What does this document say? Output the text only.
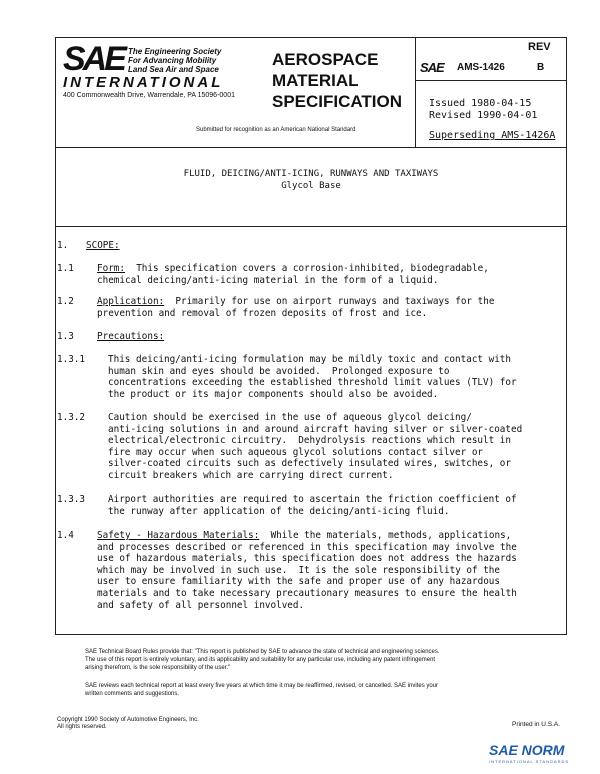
SAE The Engineering Society
For Advancing Mobility
Land Sea Air and Space
INTERNATIONAL
400 Commonwealth Drive, Warrendale, PA 15096-0001
AEROSPACE
MATERIAL
SPECIFICATION
Submitted for recognition as an American National Standard
REV
SAE AMS-1426	B
Issued 1980-04-15
Revised 1990-04-01
Superseding AMS-1426A
FLUID, DEICING/ANTI-ICING, RUNWAYS AND TAXIWAYS
Glycol Base
1. SCOPE:
1.1 Form: This specification covers a corrosion-inhibited, biodegradable,
chemical deicing/anti-icing material in the form of a liquid.
1.2 Application: Primarily for use on airport runways and taxiways for the
prevention and removal of frozen deposits of frost and ice.
1.3 Precautions:
1.3.1 This deicing/anti-icing formulation may be mildly toxic and contact with
human skin and eyes should be avoided.  Prolonged exposure to
concentrations exceeding the established threshold limit values (TLV) for
the product or its major components should also be avoided.
1.3.2 Caution should be exercised in the use of aqueous glycol deicing/
anti-icing solutions in and around aircraft having silver or silver-coated
electrical/electronic circuitry.  Dehydrolysis reactions which result in
fire may occur when such aqueous glycol solutions contact silver or
silver-coated circuits such as defectively insulated wires, switches, or
circuit breakers which are carrying direct current.
1.3.3 Airport authorities are required to ascertain the friction coefficient of
the runway after application of the deicing/anti-icing fluid.
1.4 Safety - Hazardous Materials: While the materials, methods, applications,
and processes described or referenced in this specification may involve the
use of hazardous materials, this specification does not address the hazards
which may be involved in such use.  It is the sole responsibility of the
user to ensure familiarity with the safe and proper use of any hazardous
materials and to take necessary precautionary measures to ensure the health
and safety of all personnel involved.
SAE Technical Board Rules provide that: "This report is published by SAE to advance the state of technical and engineering sciences.
The use of this report is entirely voluntary, and its applicability and suitability for any particular use, including any patent infringement
arising therefrom, is the sole responsibility of the user."
SAE reviews each technical report at least every five years at which time it may be reaffirmed, revised, or cancelled. SAE invites your
written comments and suggestions.
Copyright 1990 Society of Automotive Engineers, Inc.
All rights reserved.	Printed in U.S.A.
SAE NORM
INTERNATIONAL STANDARDS
